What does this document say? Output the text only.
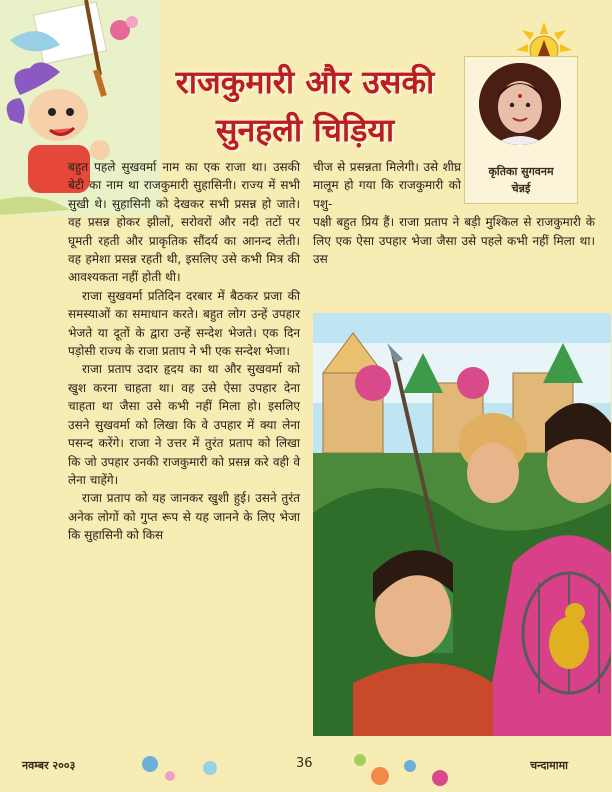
राजकुमारी और उसकी
सुनहली चिड़िया
कृतिका सुगवनम
चेन्नई

बहुत पहले सुखवर्मा नाम का एक राजा था। उसकी बेटी का नाम था राजकुमारी सुहासिनी। राज्य में सभी सुखी थे। सुहासिनी को देखकर सभी प्रसन्न हो जाते। वह प्रसन्न होकर झीलों, सरोवरों और नदी तटों पर घूमती रहती और प्राकृतिक सौंदर्य का आनन्द लेती। वह हमेशा प्रसन्न रहती थी, इसलिए उसे कभी मित्र की आवश्यकता नहीं होती थी।

राजा सुखवर्मा प्रतिदिन दरबार में बैठकर प्रजा की समस्याओं का समाधान करते। बहुत लोग उन्हें उपहार भेजते या दूतों के द्वारा उन्हें सन्देश भेजते। एक दिन पड़ोसी राज्य के राजा प्रताप ने भी एक सन्देश भेजा।

राजा प्रताप उदार हृदय का था और सुखवर्मा को खुश करना चाहता था। वह उसे ऐसा उपहार देना चाहता था जैसा उसे कभी नहीं मिला हो। इसलिए उसने सुखवर्मा को लिखा कि वे उपहार में क्या लेना पसन्द करेंगे। राजा ने उत्तर में तुरंत प्रताप को लिखा कि जो उपहार उनकी राजकुमारी को प्रसन्न करे वही वे लेना चाहेंगे।

राजा प्रताप को यह जानकर खुशी हुई। उसने तुरंत अनेक लोगों को गुप्त रूप से यह जानने के लिए भेजा कि सुहासिनी को किस

चीज से प्रसन्नता मिलेगी। उसे शीघ्र मालूम हो गया कि राजकुमारी को पशु-

पक्षी बहुत प्रिय हैं। राजा प्रताप ने बड़ी मुश्किल से राजकुमारी के लिए एक ऐसा उपहार भेजा जैसा उसे पहले कभी नहीं मिला था। उस

नवम्बर २००३	36	चन्दामामा
